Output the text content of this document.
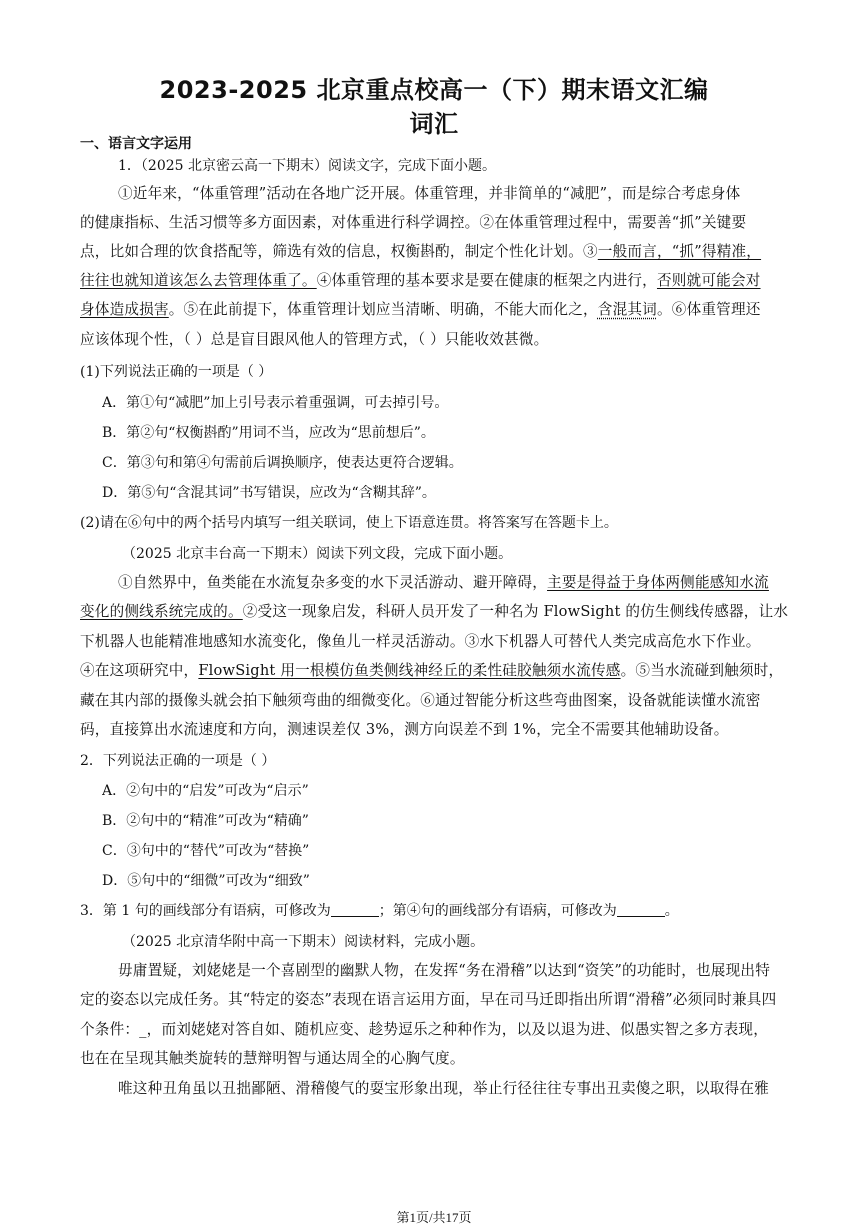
2023-2025 北京重点校高一（下）期末语文汇编
词汇
一、语言文字运用
1．（2025 北京密云高一下期末）阅读文字，完成下面小题。
①近年来，“体重管理”活动在各地广泛开展。体重管理，并非简单的“减肥”，而是综合考虑身体
的健康指标、生活习惯等多方面因素，对体重进行科学调控。②在体重管理过程中，需要善“抓”关键要
点，比如合理的饮食搭配等，筛选有效的信息，权衡斟酌，制定个性化计划。③一般而言，“抓”得精准，
往往也就知道该怎么去管理体重了。④体重管理的基本要求是要在健康的框架之内进行，否则就可能会对
身体造成损害。⑤在此前提下，体重管理计划应当清晰、明确，不能大而化之，含混其词。⑥体重管理还
应该体现个性，（ ）总是盲目跟风他人的管理方式，（ ）只能收效甚微。
(1)下列说法正确的一项是（ ）
A．第①句“减肥”加上引号表示着重强调，可去掉引号。
B．第②句“权衡斟酌”用词不当，应改为“思前想后”。
C．第③句和第④句需前后调换顺序，使表达更符合逻辑。
D．第⑤句“含混其词”书写错误，应改为“含糊其辞”。
(2)请在⑥句中的两个括号内填写一组关联词，使上下语意连贯。将答案写在答题卡上。
（2025 北京丰台高一下期末）阅读下列文段，完成下面小题。
①自然界中，鱼类能在水流复杂多变的水下灵活游动、避开障碍，主要是得益于身体两侧能感知水流
变化的侧线系统完成的。②受这一现象启发，科研人员开发了一种名为 FlowSight 的仿生侧线传感器，让水
下机器人也能精准地感知水流变化，像鱼儿一样灵活游动。③水下机器人可替代人类完成高危水下作业。
④在这项研究中，FlowSight 用一根模仿鱼类侧线神经丘的柔性硅胶触须水流传感。⑤当水流碰到触须时，
藏在其内部的摄像头就会拍下触须弯曲的细微变化。⑥通过智能分析这些弯曲图案，设备就能读懂水流密
码，直接算出水流速度和方向，测速误差仅 3%，测方向误差不到 1%，完全不需要其他辅助设备。
2．下列说法正确的一项是（ ）
A．②句中的“启发”可改为“启示”
B．②句中的“精准”可改为“精确”
C．③句中的“替代”可改为“替换”
D．⑤句中的“细微”可改为“细致”
3．第 1 句的画线部分有语病，可修改为	；第④句的画线部分有语病，可修改为	。
（2025 北京清华附中高一下期末）阅读材料，完成小题。
毋庸置疑，刘姥姥是一个喜剧型的幽默人物，在发挥“务在滑稽”以达到“资笑”的功能时，也展现出特
定的姿态以完成任务。其“特定的姿态”表现在语言运用方面，早在司马迁即指出所谓“滑稽”必须同时兼具四
个条件：_，而刘姥姥对答自如、随机应变、趁势逗乐之种种作为，以及以退为进、似愚实智之多方表现，
也在在呈现其触类旋转的慧辩明智与通达周全的心胸气度。
唯这种丑角虽以丑拙鄙陋、滑稽傻气的耍宝形象出现，举止行径往往专事出丑卖傻之职，以取得在雅
第1页/共17页
